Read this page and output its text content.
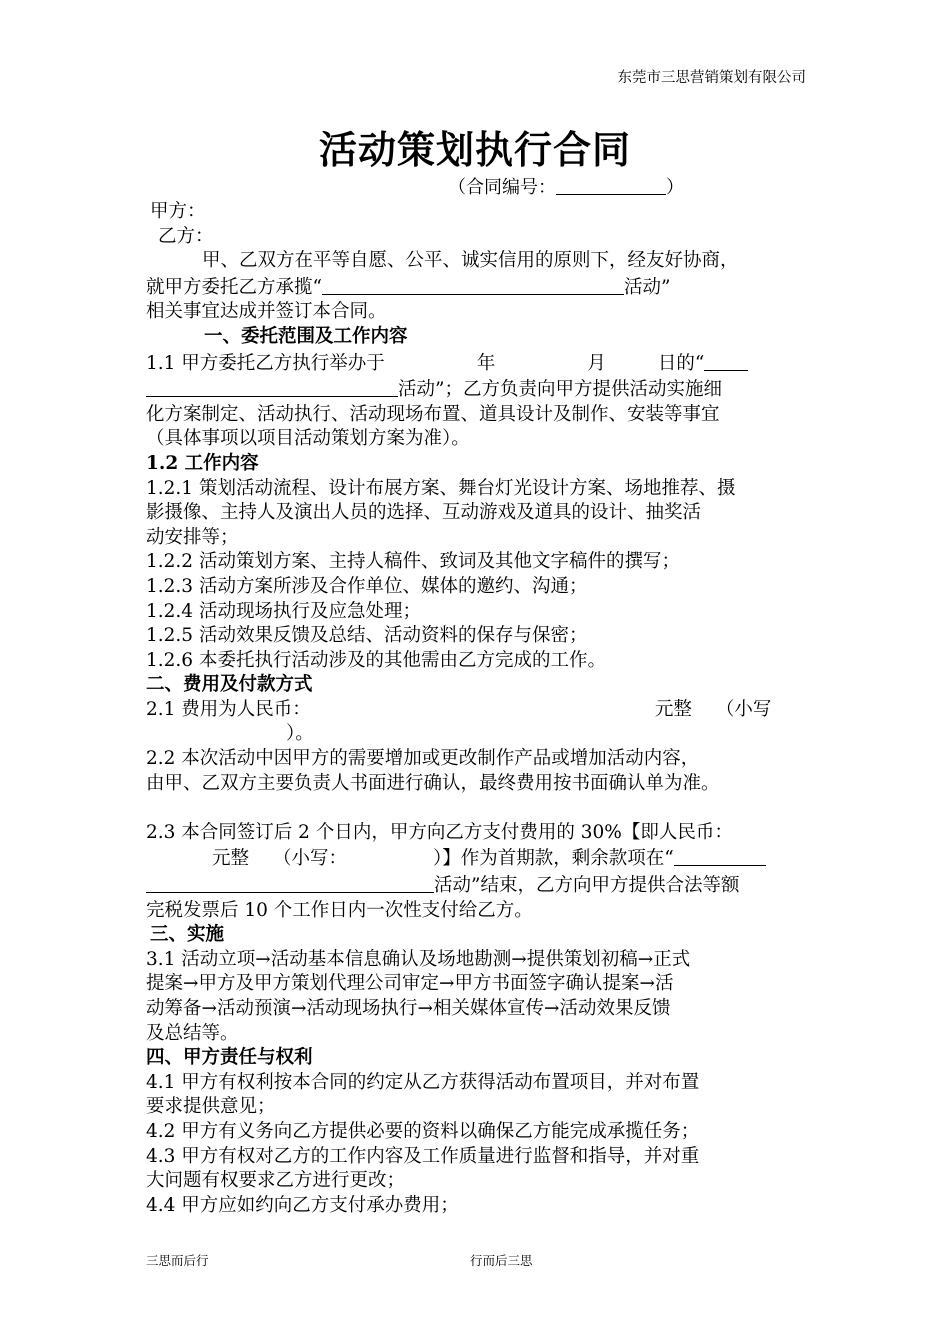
东莞市三思营销策划有限公司
活动策划执行合同
（合同编号：	）

甲方：

乙方：

甲、乙双方在平等自愿、公平、诚实信用的原则下，经友好协商，

就甲方委托乙方承揽“	活动”

相关事宜达成并签订本合同。

一、委托范围及工作内容

1.1 甲方委托乙方执行举办于	年	月	日的“

活动”；乙方负责向甲方提供活动实施细

化方案制定、活动执行、活动现场布置、道具设计及制作、安装等事宜

（具体事项以项目活动策划方案为准）。

1.2 工作内容

1.2.1 策划活动流程、设计布展方案、舞台灯光设计方案、场地推荐、摄

影摄像、主持人及演出人员的选择、互动游戏及道具的设计、抽奖活

动安排等；

1.2.2 活动策划方案、主持人稿件、致词及其他文字稿件的撰写；

1.2.3 活动方案所涉及合作单位、媒体的邀约、沟通；

1.2.4 活动现场执行及应急处理；

1.2.5 活动效果反馈及总结、活动资料的保存与保密；

1.2.6 本委托执行活动涉及的其他需由乙方完成的工作。

二、费用及付款方式

2.1 费用为人民币：	元整 （小写

）。

2.2 本次活动中因甲方的需要增加或更改制作产品或增加活动内容，

由甲、乙双方主要负责人书面进行确认，最终费用按书面确认单为准。

2.3 本合同签订后 2 个日内，甲方向乙方支付费用的 30%【即人民币：

元整 （小写：	）】作为首期款，剩余款项在“

活动”结束，乙方向甲方提供合法等额

完税发票后 10 个工作日内一次性支付给乙方。

三、实施

3.1 活动立项→活动基本信息确认及场地勘测→提供策划初稿→正式

提案→甲方及甲方策划代理公司审定→甲方书面签字确认提案→活

动筹备→活动预演→活动现场执行→相关媒体宣传→活动效果反馈

及总结等。

四、甲方责任与权利

4.1 甲方有权利按本合同的约定从乙方获得活动布置项目，并对布置

要求提供意见；

4.2 甲方有义务向乙方提供必要的资料以确保乙方能完成承揽任务；

4.3 甲方有权对乙方的工作内容及工作质量进行监督和指导，并对重

大问题有权要求乙方进行更改；

4.4 甲方应如约向乙方支付承办费用；

三思而后行	行而后三思
